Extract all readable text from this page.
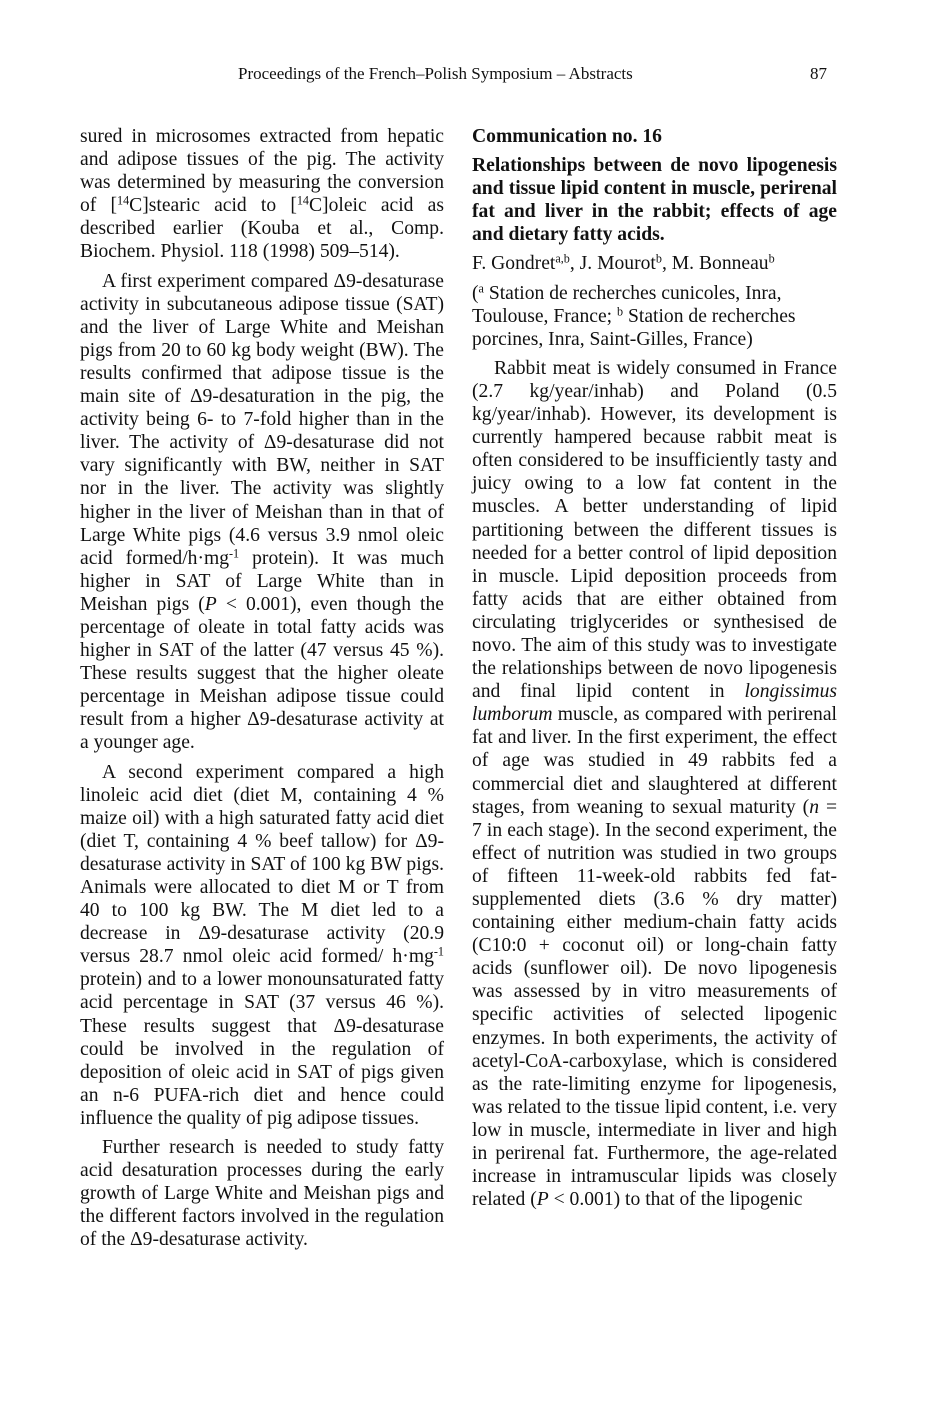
Proceedings of the French–Polish Symposium – Abstracts	87

sured in microsomes extracted from hepatic and adipose tissues of the pig. The activity was determined by measuring the conversion of [$^{14}$C]stearic acid to [$^{14}$C]oleic acid as described earlier (Kouba et al., Comp. Biochem. Physiol. 118 (1998) 509–514).

A first experiment compared Δ9-desaturase activity in subcutaneous adipose tissue (SAT) and the liver of Large White and Meishan pigs from 20 to 60 kg body weight (BW). The results confirmed that adipose tissue is the main site of Δ9-desaturation in the pig, the activity being 6- to 7-fold higher than in the liver. The activity of Δ9-desaturase did not vary significantly with BW, neither in SAT nor in the liver. The activity was slightly higher in the liver of Meishan than in that of Large White pigs (4.6 versus 3.9 nmol oleic acid formed/$h\cdot mg^{-1}$ protein). It was much higher in SAT of Large White than in Meishan pigs (P < 0.001), even though the percentage of oleate in total fatty acids was higher in SAT of the latter (47 versus 45 %). These results suggest that the higher oleate percentage in Meishan adipose tissue could result from a higher Δ9-desaturase activity at a younger age.

A second experiment compared a high linoleic acid diet (diet M, containing 4 % maize oil) with a high saturated fatty acid diet (diet T, containing 4 % beef tallow) for Δ9-desaturase activity in SAT of 100 kg BW pigs. Animals were allocated to diet M or T from 40 to 100 kg BW. The M diet led to a decrease in Δ9-desaturase activity (20.9 versus 28.7 nmol oleic acid formed/ $h\cdot mg^{-1}$ protein) and to a lower monounsaturated fatty acid percentage in SAT (37 versus 46 %). These results suggest that Δ9-desaturase could be involved in the regulation of deposition of oleic acid in SAT of pigs given an n-6 PUFA-rich diet and hence could influence the quality of pig adipose tissues.

Further research is needed to study fatty acid desaturation processes during the early growth of Large White and Meishan pigs and the different factors involved in the regulation of the Δ9-desaturase activity.

Communication no. 16

Relationships between de novo lipogenesis and tissue lipid content in muscle, perirenal fat and liver in the rabbit; effects of age and dietary fatty acids.

F. Gondret$^{a,b}$, J. Mourot$^b$, M. Bonneau$^b$

($^a$ Station de recherches cunicoles, Inra, Toulouse, France; $^b$ Station de recherches porcines, Inra, Saint-Gilles, France)

Rabbit meat is widely consumed in France (2.7 kg/year/inhab) and Poland (0.5 kg/year/inhab). However, its development is currently hampered because rabbit meat is often considered to be insufficiently tasty and juicy owing to a low fat content in the muscles. A better understanding of lipid partitioning between the different tissues is needed for a better control of lipid deposition in muscle. Lipid deposition proceeds from fatty acids that are either obtained from circulating triglycerides or synthesised de novo. The aim of this study was to investigate the relationships between de novo lipogenesis and final lipid content in longissimus lumborum muscle, as compared with perirenal fat and liver. In the first experiment, the effect of age was studied in 49 rabbits fed a commercial diet and slaughtered at different stages, from weaning to sexual maturity (n = 7 in each stage). In the second experiment, the effect of nutrition was studied in two groups of fifteen 11-week-old rabbits fed fat-supplemented diets (3.6 % dry matter) containing either medium-chain fatty acids (C10:0 + coconut oil) or long-chain fatty acids (sunflower oil). De novo lipogenesis was assessed by in vitro measurements of specific activities of selected lipogenic enzymes. In both experiments, the activity of acetyl-CoA-carboxylase, which is considered as the rate-limiting enzyme for lipogenesis, was related to the tissue lipid content, i.e. very low in muscle, intermediate in liver and high in perirenal fat. Furthermore, the age-related increase in intramuscular lipids was closely related (P < 0.001) to that of the lipogenic
